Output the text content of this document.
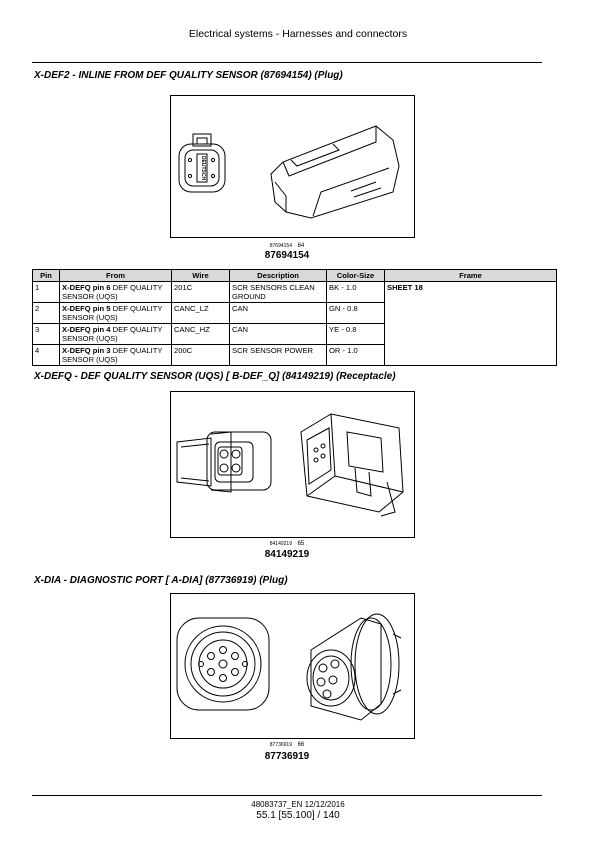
Electrical systems - Harnesses and connectors
X-DEF2 - INLINE FROM DEF QUALITY SENSOR (87694154) (Plug)
DEUTSCH
87694154 64
87694154
Pin	From	Wire	Description	Color-Size	Frame
1	X-DEFQ pin 6 DEF QUALITY SENSOR (UQS)	201C	SCR SENSORS CLEAN GROUND	BK - 1.0	SHEET 18
2	X-DEFQ pin 5 DEF QUALITY SENSOR (UQS)	CANC_LZ	CAN	GN - 0.8	
3	X-DEFQ pin 4 DEF QUALITY SENSOR (UQS)	CANC_HZ	CAN	YE - 0.8	
4	X-DEFQ pin 3 DEF QUALITY SENSOR (UQS)	200C	SCR SENSOR POWER	OR - 1.0	
X-DEFQ - DEF QUALITY SENSOR (UQS) [ B-DEF_Q] (84149219) (Receptacle)
84149219 65
84149219
X-DIA - DIAGNOSTIC PORT [ A-DIA] (87736919) (Plug)
87736919 66
87736919
48083737_EN 12/12/2016
55.1 [55.100] / 140
